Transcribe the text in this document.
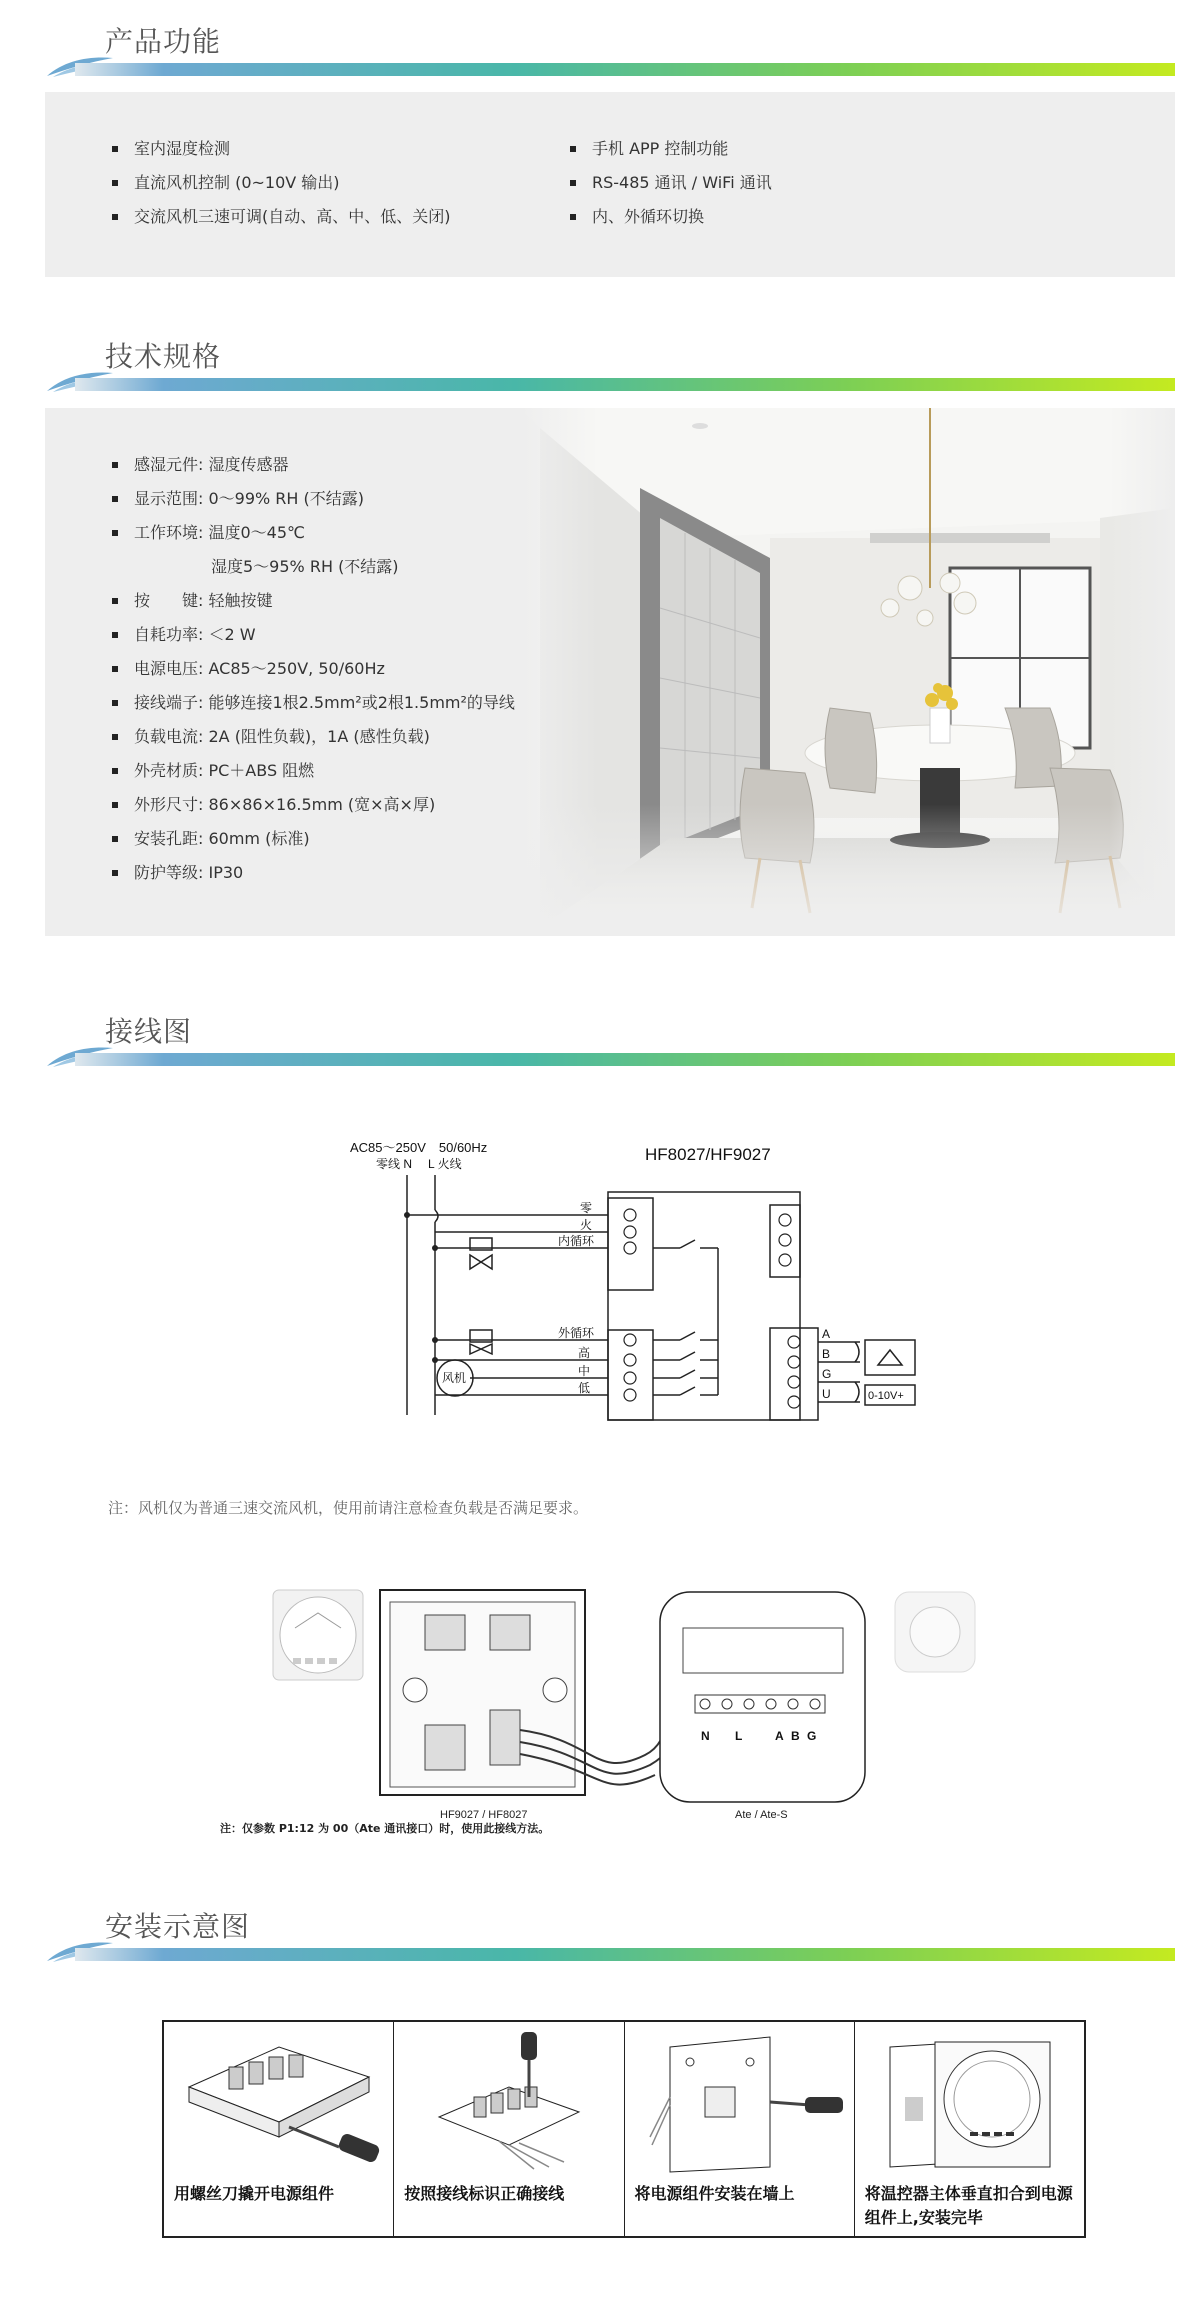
产品功能
室内湿度检测
直流风机控制 (0~10V 输出)
交流风机三速可调(自动、高、中、低、关闭)
手机 APP 控制功能
RS-485 通讯 / WiFi 通讯
内、外循环切换
技术规格
感湿元件: 湿度传感器
显示范围: 0～99% RH (不结露)
工作环境: 温度0～45℃
湿度5～95% RH (不结露)
按　　键: 轻触按键
自耗功率: ＜2 W
电源电压: AC85～250V, 50/60Hz
接线端子: 能够连接1根2.5mm²或2根1.5mm²的导线
负载电流: 2A (阻性负载)，1A (感性负载)
外壳材质: PC＋ABS 阻燃
外形尺寸: 86×86×16.5mm (宽×高×厚)
安装孔距: 60mm (标准)
防护等级: IP30
接线图
AC85～250V　50/60Hz
零线 N L 火线	HF8027/HF9027
零
火
内循环
外循环
高
中
低
风机
A
B
G
U	0-10V+
注：风机仅为普通三速交流风机，使用前请注意检查负载是否满足要求。
N L	A B G
HF9027 / HF8027	Ate / Ate-S
注：仅参数 P1:12 为 00（Ate 通讯接口）时，使用此接线方法。
安装示意图
用螺丝刀撬开电源组件	按照接线标识正确接线	将电源组件安装在墙上	将温控器主体垂直扣合到电源组件上,安装完毕
